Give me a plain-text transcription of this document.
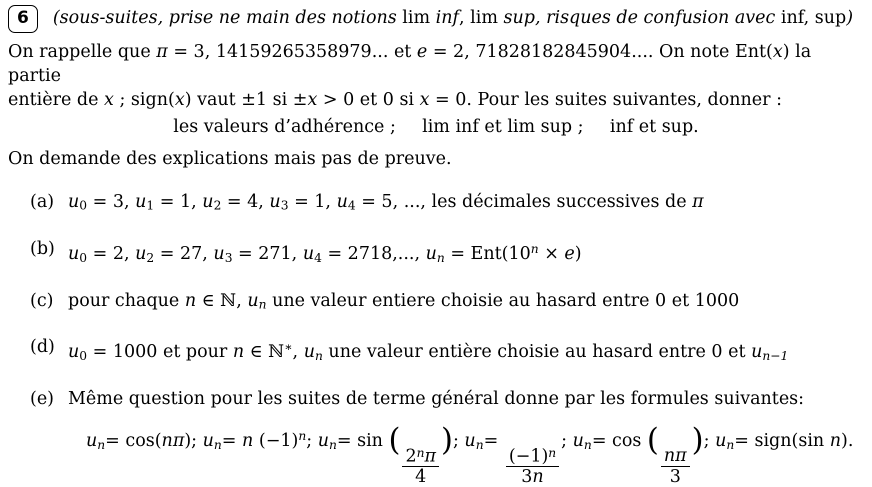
6	(sous-suites, prise ne main des notions lim inf, lim sup, risques de confusion avec inf, sup)
On rappelle que π = 3, 14159265358979... et e = 2, 71828182845904.... On note Ent(x) la partie
entière de x ; sign(x) vaut ±1 si ±x > 0 et 0 si x = 0. Pour les suites suivantes, donner :
les valeurs d’adhérence ; lim inf et lim sup ; inf et sup.
On demande des explications mais pas de preuve.
(a) $u_0 = 3$, $u_1 = 1$, $u_2 = 4$, $u_3 = 1$, $u_4 = 5$, ..., les décimales successives de π
(b) $u_0 = 2$, $u_2 = 27$, $u_3 = 271$, $u_4 = 2718$,..., $u_n = Ent(10^n \times e)$
(c) pour chaque n ∈ ℕ, $u_n$ une valeur entiere choisie au hasard entre 0 et 1000
(d) $u_0 = 1000$ et pour n ∈ ℕ∗, $u_n$ une valeur entière choisie au hasard entre 0 et $u_{n-1}$
(e) Même question pour les suites de terme général donne par les formules suivantes:
$u_n= \cos(n\pi)$; $u_n= n$ $(-1)^n$; $u_n= \sin$ (
$\frac{2^n\pi}{4}$
); $u_n=$
$\frac{(-1)^n}{3n}$
; $u_n= \cos$ (
$\frac{n\pi}{3}$
); $u_n=$ sign(sin n).
